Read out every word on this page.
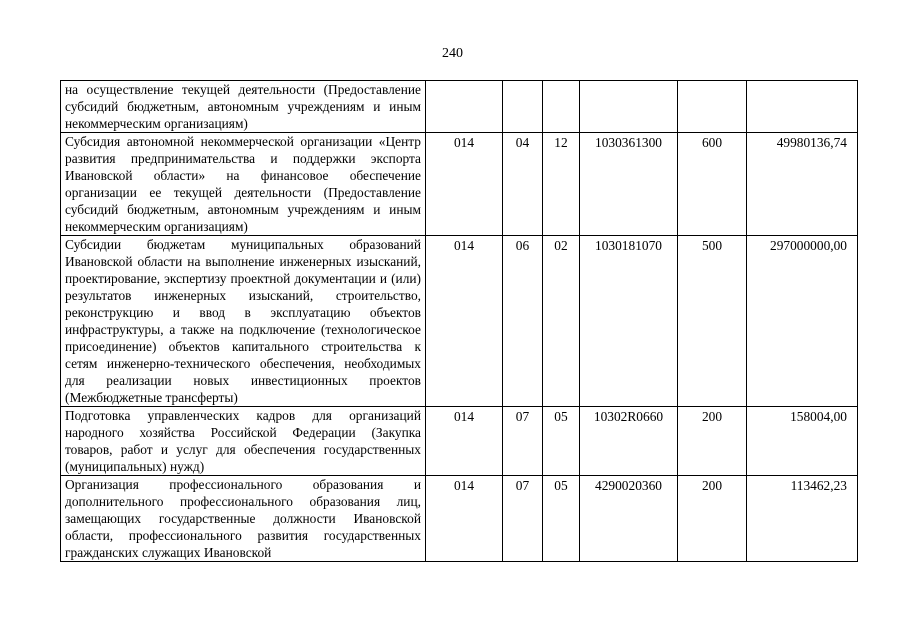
240
на осуществление текущей деятельности (Предоставление субсидий бюджетным, автономным учреждениям и иным некоммерческим организациям)						
Субсидия автономной некоммерческой организации «Центр развития предпринимательства и поддержки экспорта Ивановской области» на финансовое обеспечение организации ее текущей деятельности (Предоставление субсидий бюджетным, автономным учреждениям и иным некоммерческим организациям)	014	04	12	1030361300	600	49980136,74
Субсидии бюджетам муниципальных образований Ивановской области на выполнение инженерных изысканий, проектирование, экспертизу проектной документации и (или) результатов инженерных изысканий, строительство, реконструкцию и ввод в эксплуатацию объектов инфраструктуры, а также на подключение (технологическое присоединение) объектов капитального строительства к сетям инженерно-технического обеспечения, необходимых для реализации новых инвестиционных проектов (Межбюджетные трансферты)	014	06	02	1030181070	500	297000000,00
Подготовка управленческих кадров для организаций народного хозяйства Российской Федерации (Закупка товаров, работ и услуг для обеспечения государственных (муниципальных) нужд)	014	07	05	10302R0660	200	158004,00
Организация профессионального образования и дополнительного профессионального образования лиц, замещающих государственные должности Ивановской области, профессионального развития государственных гражданских служащих Ивановской	014	07	05	4290020360	200	113462,23
